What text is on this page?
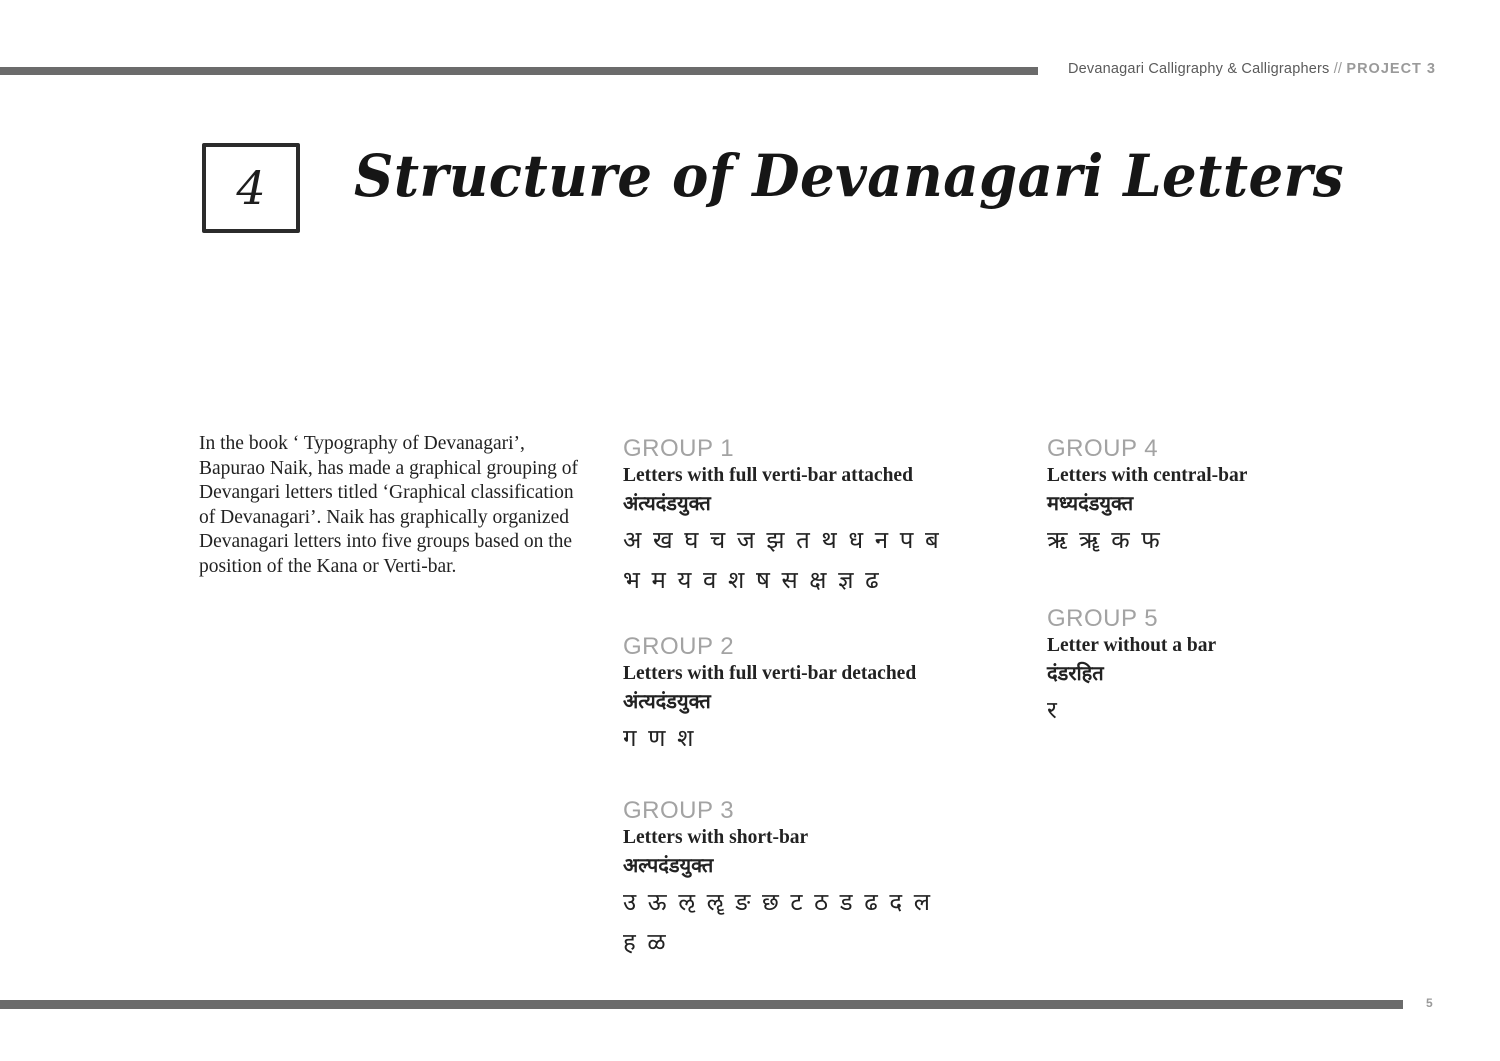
Devanagari Calligraphy & Calligraphers // PROJECT 3
4 Structure of Devanagari Letters
In the book ‘ Typography of Devanagari’, Bapurao Naik, has made a graphical grouping of Devangari letters titled ‘Graphical classification of Devanagari’. Naik has graphically organized Devanagari letters into five groups based on the position of the Kana or Verti-bar.
GROUP 1
Letters with full verti-bar attached
अंत्यदंडयुक्त
अ ख घ च ज झ त थ ध न प ब
भ म य व श ष स क्ष ज्ञ ढ
GROUP 2
Letters with full verti-bar detached
अंत्यदंडयुक्त
ग ण श
GROUP 3
Letters with short-bar
अल्पदंडयुक्त
उ ऊ ऌ ॡ ङ छ ट ठ ड ढ द ल
ह ळ
GROUP 4
Letters with central-bar
मध्यदंडयुक्त
ऋ ॠ क फ
GROUP 5
Letter without a bar
दंडरहित
र
5
